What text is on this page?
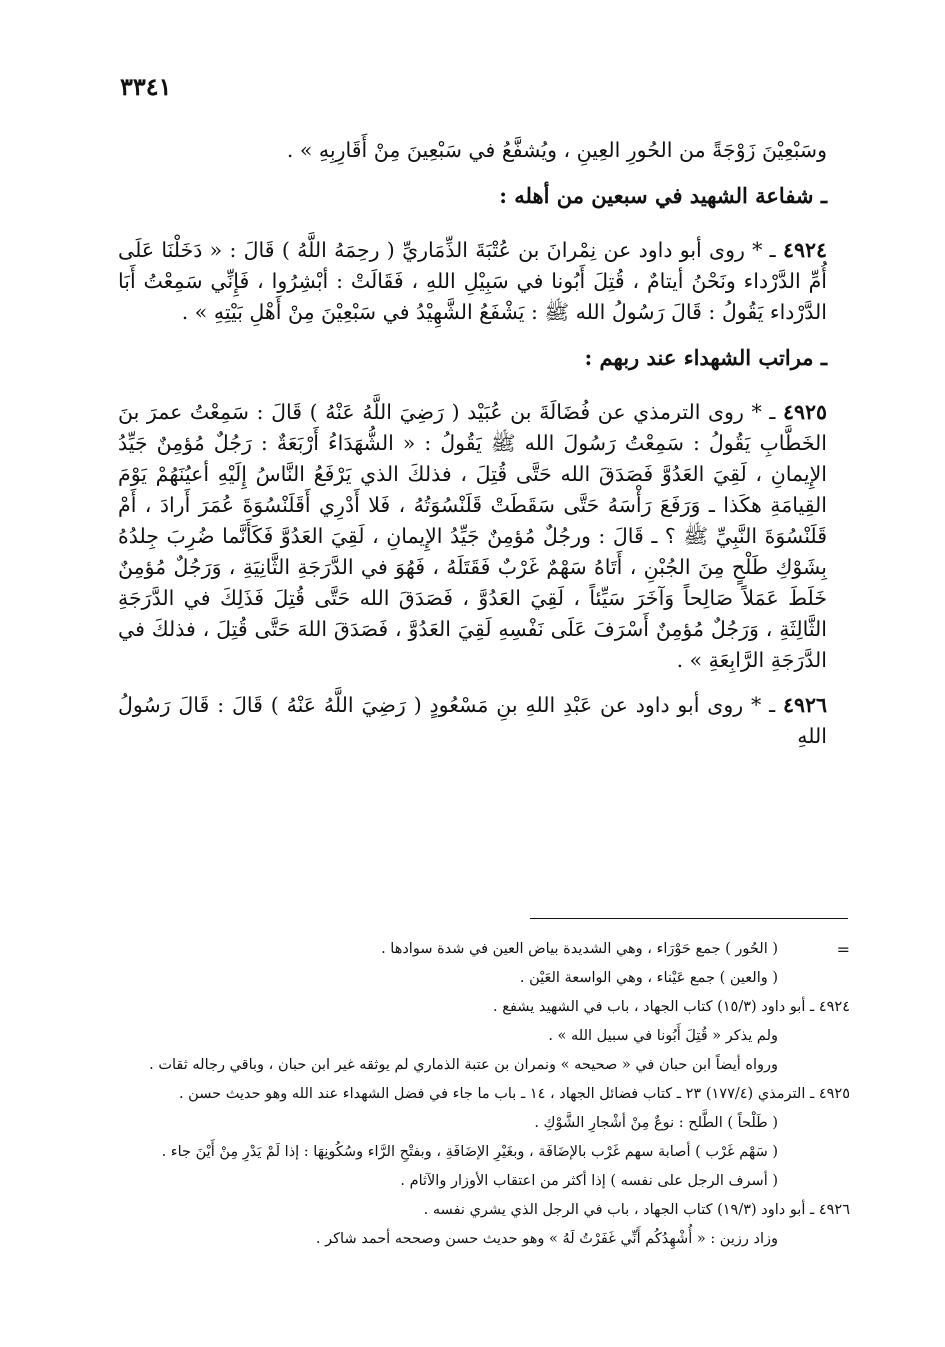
٣٣٤١

وسَبْعِيْنَ زَوْجَةً من الحُورِ العِينِ ، ويُشفَّعُ في سَبْعِينَ مِنْ أَقَارِبِهِ » .

ـ شفاعة الشهيد في سبعين من أهله :

٤٩٢٤ ـ * روى أبو داود عن نِمْرانَ بن عُتْبَةَ الذِّمَاريِّ ( رحِمَهُ اللَّهُ ) قَالَ : « دَخَلْنَا عَلَى أُمِّ الدَّرْداء ونَحْنُ أيتامٌ ، قُتِلَ أَبُونا في سَبِيْلِ اللهِ ، فَقَالَتْ : أبْشِرُوا ، فَإِنِّي سَمِعْتُ أَبَا الدَّرْداء يَقُولُ : قَالَ رَسُولُ الله ﷺ : يَشْفَعُ الشَّهِيْدُ في سَبْعِيْنَ مِنْ أَهْلِ بَيْتِهِ » .

ـ مراتب الشهداء عند ربهم :

٤٩٢٥ ـ * روى الترمذي عن فُضَالَةَ بن عُبَيْد ( رَضِيَ اللَّهُ عَنْهُ ) قَالَ : سَمِعْتُ عمرَ بنَ الخَطَّابِ يَقُولُ : سَمِعْتُ رَسُولَ الله ﷺ يَقُولُ : « الشُّهَدَاءُ أَرْبَعَةٌ : رَجُلٌ مُؤمِنٌ جَيِّدُ الإِيمانِ ، لَقِيَ العَدُوَّ فَصَدَقَ الله حَتَّى قُتِلَ ، فذلكَ الذي يَرْفَعُ النَّاسُ إِلَيْهِ أعيُنَهُمْ يَوْمَ القِيامَةِ هكَذا ـ وَرَفَعَ رَأْسَهُ حَتَّى سَقَطَتْ قَلَنْسُوَتُهُ ، فَلا أَدْرِي أَقَلَنْسُوَةَ عُمَرَ أَرادَ ، أَمْ قَلَنْسُوَةَ النَّبِيِّ ﷺ ؟ ـ قَالَ : ورجُلٌ مُؤمِنٌ جَيِّدُ الإِيمانِ ، لَقِيَ العَدُوَّ فَكَأَنَّما ضُرِبَ جِلدُهُ بِشَوْكِ طَلْحٍ مِنَ الجُبْنِ ، أَتَاهُ سَهْمٌ غَرْبٌ فَقَتَلَهُ ، فَهُوَ في الدَّرَجَةِ الثَّانِيَةِ ، وَرَجُلٌ مُؤمِنٌ خَلَطَ عَمَلاً صَالِحاً وَآخَرَ سَيِّئاً ، لَقِيَ العَدُوَّ ، فَصَدَقَ الله حَتَّى قُتِلَ فَذَلِكَ في الدَّرَجَةِ الثَّالِثَةِ ، وَرَجُلٌ مُؤمِنٌ أَسْرَفَ عَلَى نَفْسِهِ لَقِيَ العَدُوَّ ، فَصَدَقَ اللهَ حَتَّى قُتِلَ ، فذلكَ في الدَّرَجَةِ الرَّابِعَةِ » .

٤٩٢٦ ـ * روى أبو داود عن عَبْدِ اللهِ بنِ مَسْعُودٍ ( رَضِيَ اللَّهُ عَنْهُ ) قَالَ : قَالَ رَسُولُ اللهِ

=

( الحُور ) جمع حَوْرَاء ، وهي الشديدة بياض العين في شدة سوادها .

( والعين ) جمع عَيْناء ، وهي الواسعة العَيْن .

٤٩٢٤ ـ أبو داود (١٥/٣) كتاب الجهاد ، باب في الشهيد يشفع .

ولم يذكر « قُتِلَ أَبُونا في سبيل الله » .

ورواه أيضاً ابن حبان في « صحيحه » ونمران بن عتبة الذماري لم يوثقه غير ابن حبان ، وباقي رجاله ثقات .

٤٩٢٥ ـ الترمذي (١٧٧/٤) ٢٣ ـ كتاب فضائل الجهاد ، ١٤ ـ باب ما جاء في فضل الشهداء عند الله وهو حديث حسن .

( طَلْحاً ) الطَّلح : نوعٌ مِنْ أشْجارِ الشَّوْكِ .

( سَهْم غَرْب ) أصابة سهم غَرْب بالإضَافَة ، وبغَيْرِ الإضَافَةِ ، وبفتْحِ الرَّاء وسُكُونِهَا : إذا لَمْ يَدْرِ مِنْ أَيْنَ جاء .

( أسرف الرجل على نفسه ) إذا أكثر من اعتقاب الأوزار والآثام .

٤٩٢٦ ـ أبو داود (١٩/٣) كتاب الجهاد ، باب في الرجل الذي يشري نفسه .

وزاد رزين : « أُشْهِدُكُم أَنِّي غَفَرْتُ لَهُ » وهو حديث حسن وصححه أحمد شاكر .
